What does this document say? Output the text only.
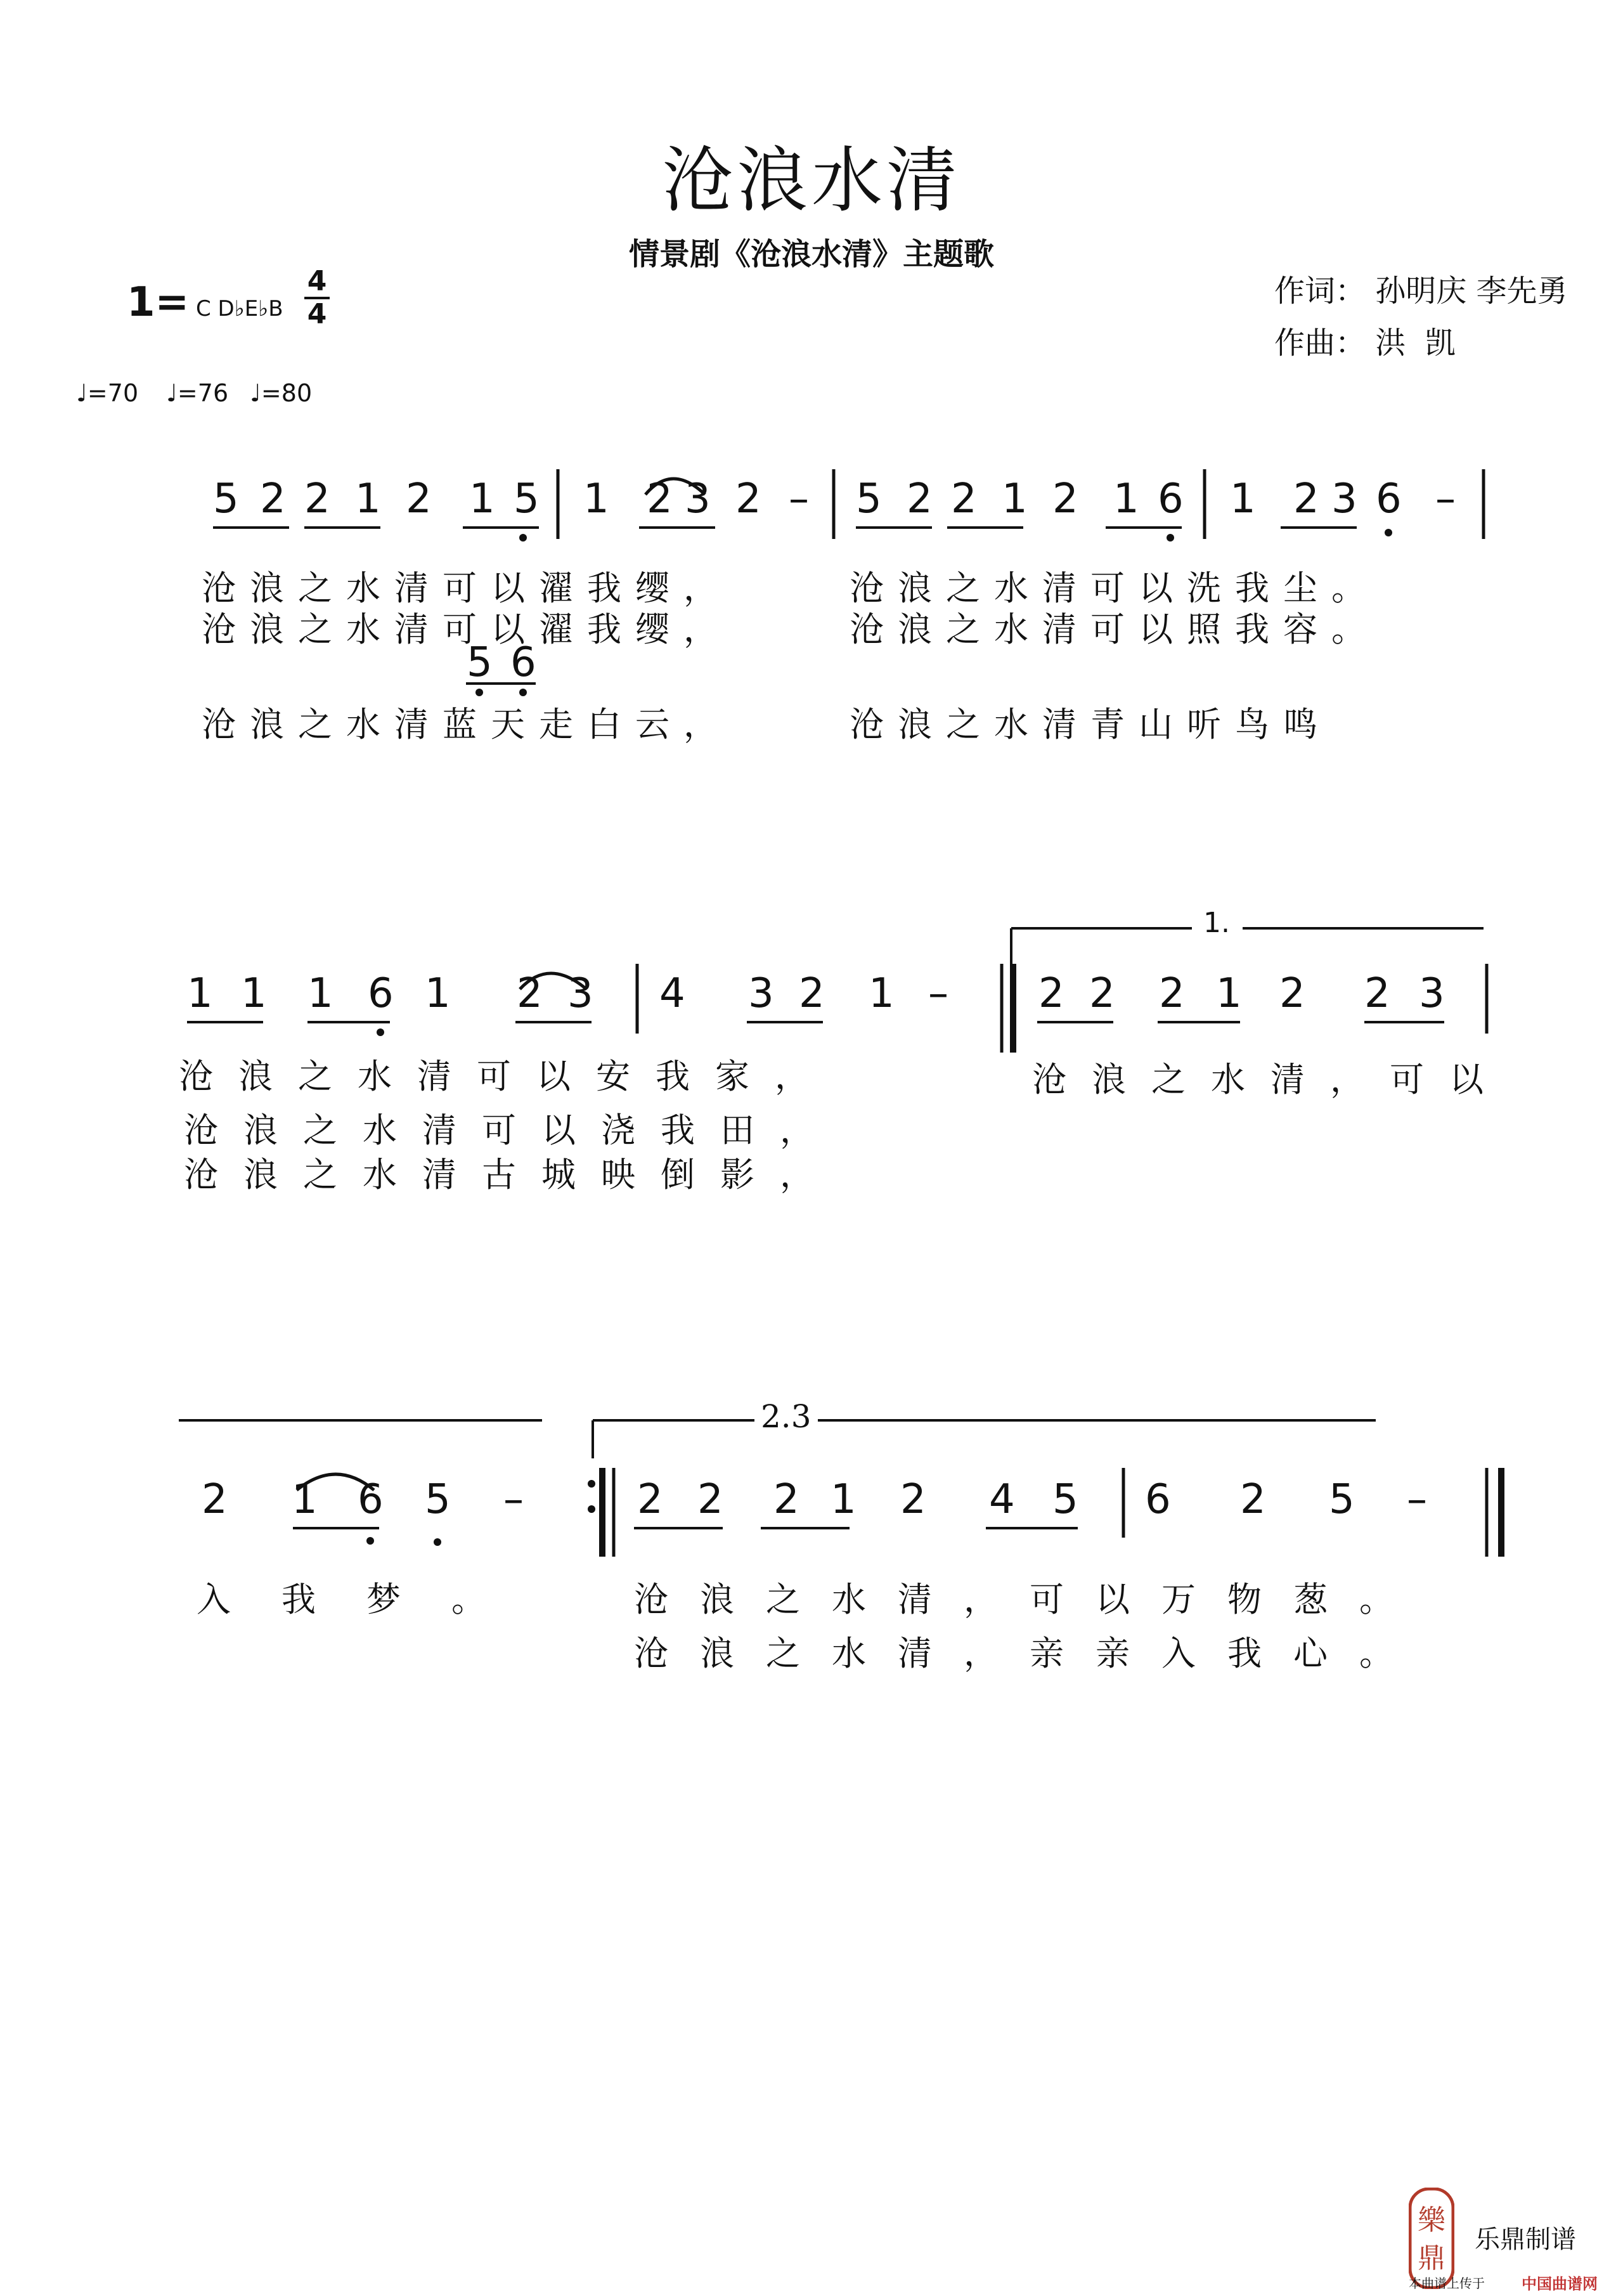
沧浪水清
情景剧《沧浪水清》主题歌
作词： 孙明庆 李先勇
作曲： 洪  凯
1= C D♭E♭B $\frac{4}{4}$
♩=70 ♩=76 ♩=80
5 2 2 1 2 1 5 1 2 3 2 – 5 2 2 1 2 1 6 1 2 3 6 –
5 6
沧浪之水清可以濯我缨，
沧浪之水清可以濯我缨，
沧浪之水清蓝天走白云，
沧浪之水清可以洗我尘。
沧浪之水清可以照我容。
沧浪之水清青山听鸟鸣
1.
1 1 1 6 1 2 3 4 3 2 1 – 2 2 2 1 2 2 3
沧浪之水清可以安我家，
沧浪之水清可以浇我田，
沧浪之水清古城映倒影，
沧浪之水清，可以
2.3
2 1 6 5 –	2 2 2 1 2 4 5 6 2 5 –
入我梦。	沧浪之水清，可以万物葱。
沧浪之水清，亲亲入我心。
樂
鼎
乐鼎制谱
本曲谱上传于 中国曲谱网
